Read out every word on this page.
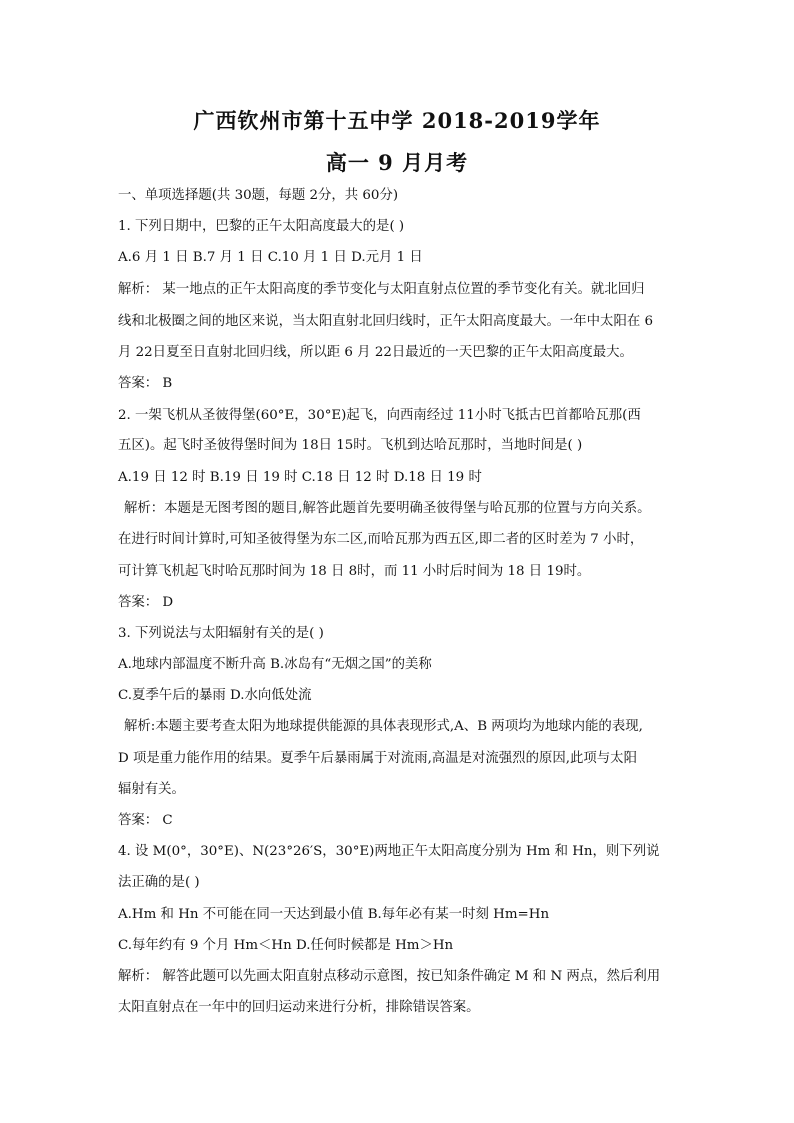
广西钦州市第十五中学 2018-2019学年
高一 9 月月考
一、单项选择题(共 30题，每题 2分，共 60分)
1. 下列日期中，巴黎的正午太阳高度最大的是( )
A.6 月 1 日 B.7 月 1 日 C.10 月 1 日 D.元月 1 日
解析： 某一地点的正午太阳高度的季节变化与太阳直射点位置的季节变化有关。就北回归
线和北极圈之间的地区来说，当太阳直射北回归线时，正午太阳高度最大。一年中太阳在 6
月 22日夏至日直射北回归线，所以距 6 月 22日最近的一天巴黎的正午太阳高度最大。
答案： B
2. 一架飞机从圣彼得堡(60°E，30°E)起飞，向西南经过 11小时飞抵古巴首都哈瓦那(西
五区)。起飞时圣彼得堡时间为 18日 15时。飞机到达哈瓦那时，当地时间是( )
A.19 日 12 时 B.19 日 19 时 C.18 日 12 时 D.18 日 19 时
解析：本题是无图考图的题目,解答此题首先要明确圣彼得堡与哈瓦那的位置与方向关系。
在进行时间计算时,可知圣彼得堡为东二区,而哈瓦那为西五区,即二者的区时差为 7 小时，
可计算飞机起飞时哈瓦那时间为 18 日 8时，而 11 小时后时间为 18 日 19时。
答案： D
3. 下列说法与太阳辐射有关的是( )
A.地球内部温度不断升高 B.冰岛有“无烟之国”的美称
C.夏季午后的暴雨 D.水向低处流
解析:本题主要考查太阳为地球提供能源的具体表现形式,A、B 两项均为地球内能的表现,
D 项是重力能作用的结果。夏季午后暴雨属于对流雨,高温是对流强烈的原因,此项与太阳
辐射有关。
答案： C
4. 设 M(0°，30°E)、N(23°26′S，30°E)两地正午太阳高度分别为 Hm 和 Hn，则下列说
法正确的是( )
A.Hm 和 Hn 不可能在同一天达到最小值 B.每年必有某一时刻 Hm=Hn
C.每年约有 9 个月 Hm＜Hn D.任何时候都是 Hm＞Hn
解析： 解答此题可以先画太阳直射点移动示意图，按已知条件确定 M 和 N 两点，然后利用
太阳直射点在一年中的回归运动来进行分析，排除错误答案。
